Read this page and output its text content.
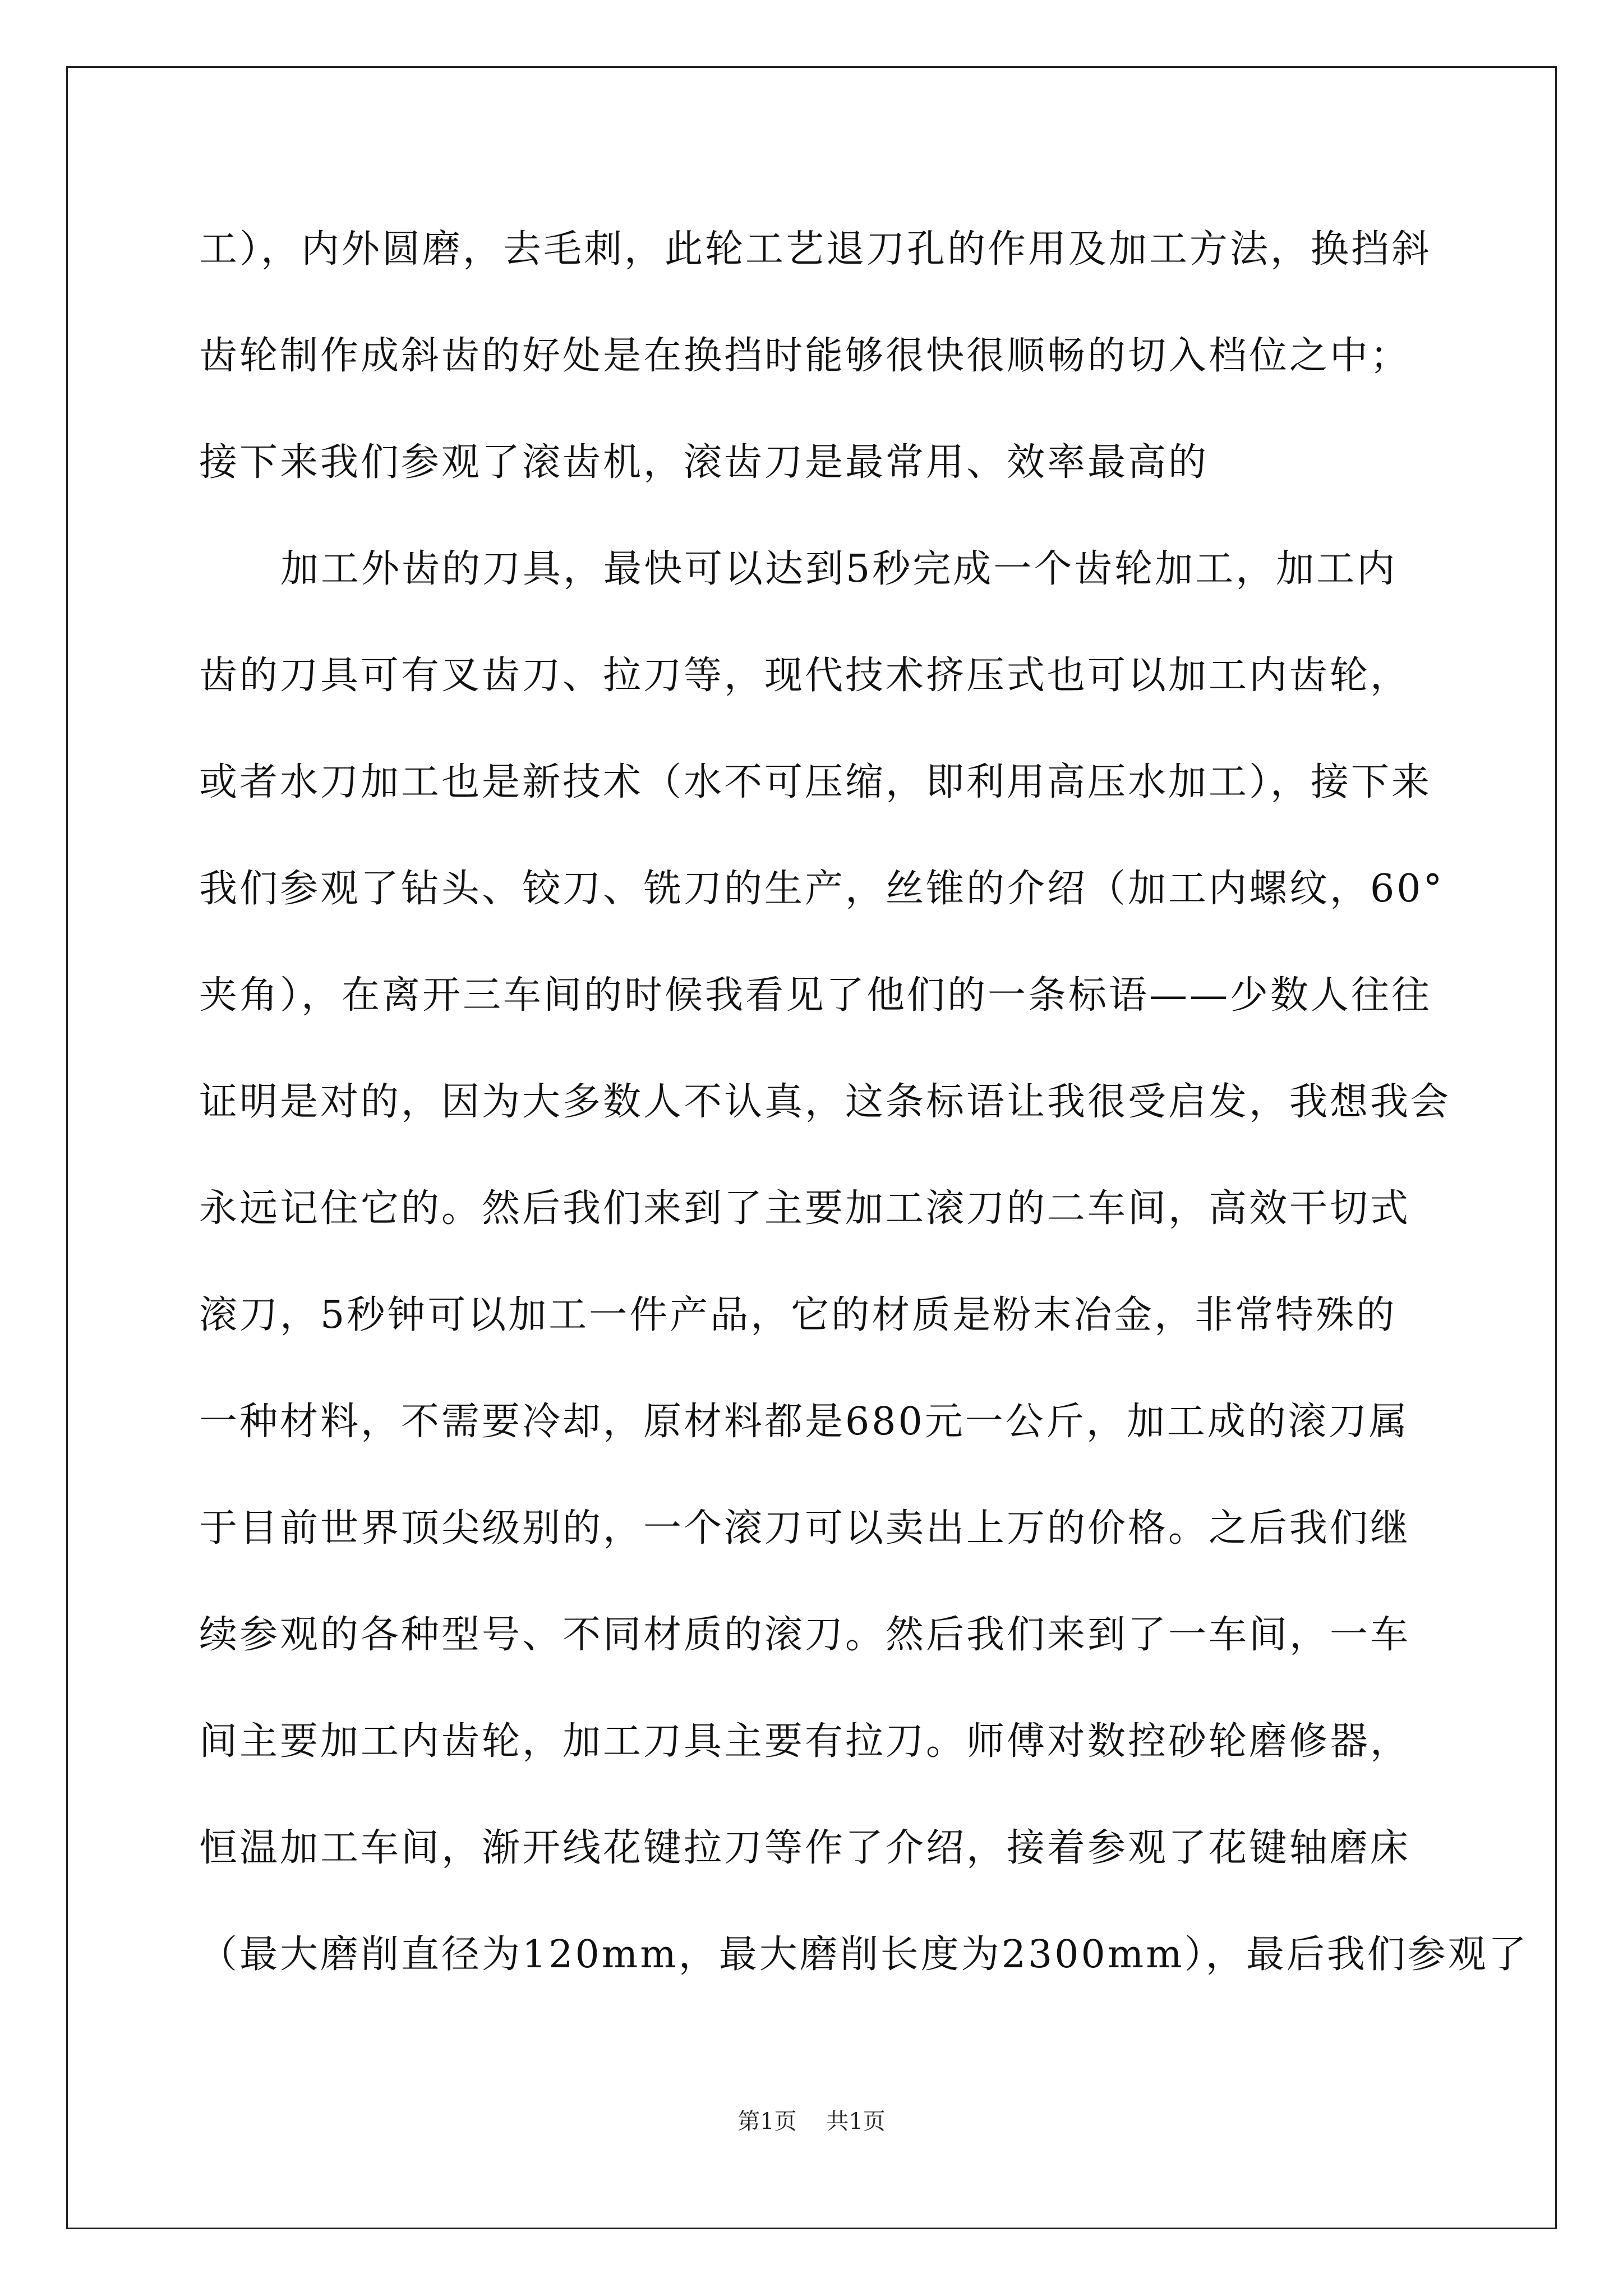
工），内外圆磨，去毛刺，此轮工艺退刀孔的作用及加工方法，换挡斜
齿轮制作成斜齿的好处是在换挡时能够很快很顺畅的切入档位之中；
接下来我们参观了滚齿机，滚齿刀是最常用、效率最高的
加工外齿的刀具，最快可以达到5秒完成一个齿轮加工，加工内
齿的刀具可有叉齿刀、拉刀等，现代技术挤压式也可以加工内齿轮，
或者水刀加工也是新技术（水不可压缩，即利用高压水加工），接下来
我们参观了钻头、铰刀、铣刀的生产，丝锥的介绍（加工内螺纹，60°
夹角），在离开三车间的时候我看见了他们的一条标语——少数人往往
证明是对的，因为大多数人不认真，这条标语让我很受启发，我想我会
永远记住它的。然后我们来到了主要加工滚刀的二车间，高效干切式
滚刀，5秒钟可以加工一件产品，它的材质是粉末冶金，非常特殊的
一种材料，不需要冷却，原材料都是680元一公斤，加工成的滚刀属
于目前世界顶尖级别的，一个滚刀可以卖出上万的价格。之后我们继
续参观的各种型号、不同材质的滚刀。然后我们来到了一车间，一车
间主要加工内齿轮，加工刀具主要有拉刀。师傅对数控砂轮磨修器，
恒温加工车间，渐开线花键拉刀等作了介绍，接着参观了花键轴磨床
（最大磨削直径为120mm，最大磨削长度为2300mm），最后我们参观了
第1页 共1页
